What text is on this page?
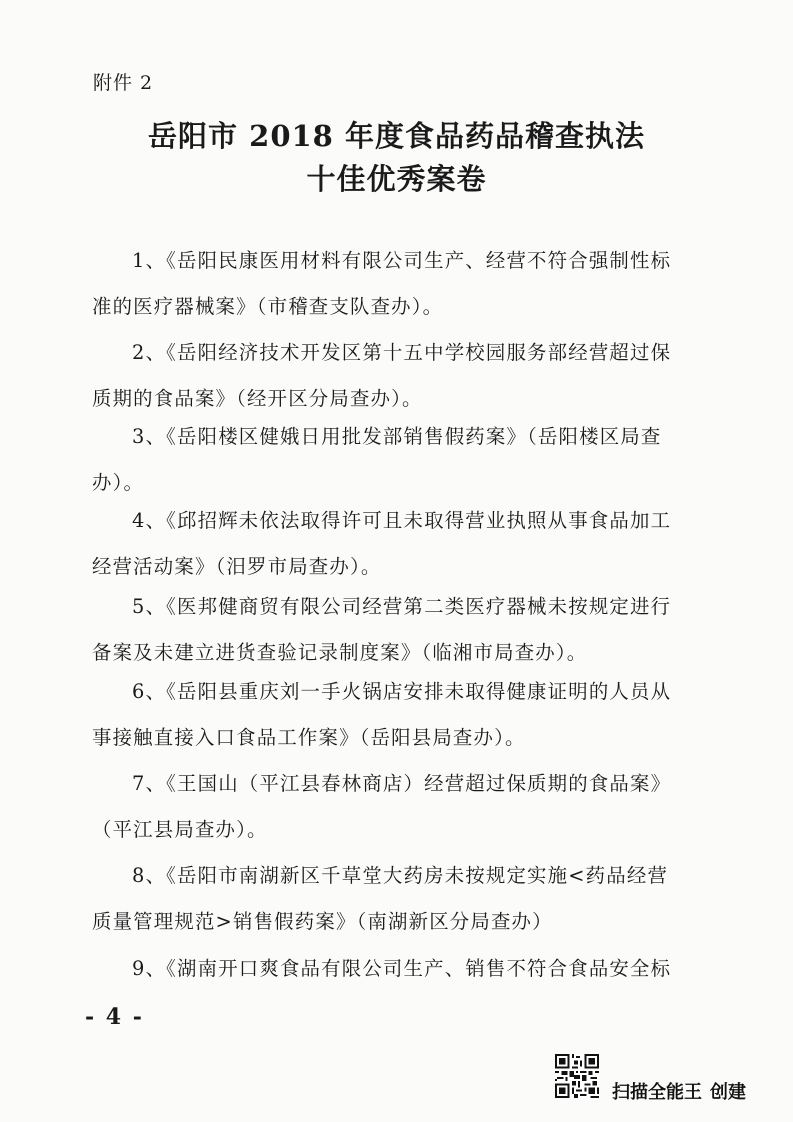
附件 2
岳阳市 2018 年度食品药品稽查执法
十佳优秀案卷
1、《岳阳民康医用材料有限公司生产、经营不符合强制性标
准的医疗器械案》（市稽查支队查办）。
2、《岳阳经济技术开发区第十五中学校园服务部经营超过保
质期的食品案》（经开区分局查办）。
3、《岳阳楼区健娥日用批发部销售假药案》（岳阳楼区局查
办）。
4、《邱招辉未依法取得许可且未取得营业执照从事食品加工
经营活动案》（汨罗市局查办）。
5、《医邦健商贸有限公司经营第二类医疗器械未按规定进行
备案及未建立进货查验记录制度案》（临湘市局查办）。
6、《岳阳县重庆刘一手火锅店安排未取得健康证明的人员从
事接触直接入口食品工作案》（岳阳县局查办）。
7、《王国山（平江县春林商店）经营超过保质期的食品案》
（平江县局查办）。
8、《岳阳市南湖新区千草堂大药房未按规定实施<药品经营
质量管理规范>销售假药案》（南湖新区分局查办）
9、《湖南开口爽食品有限公司生产、销售不符合食品安全标
- 4 -
扫描全能王 创建
